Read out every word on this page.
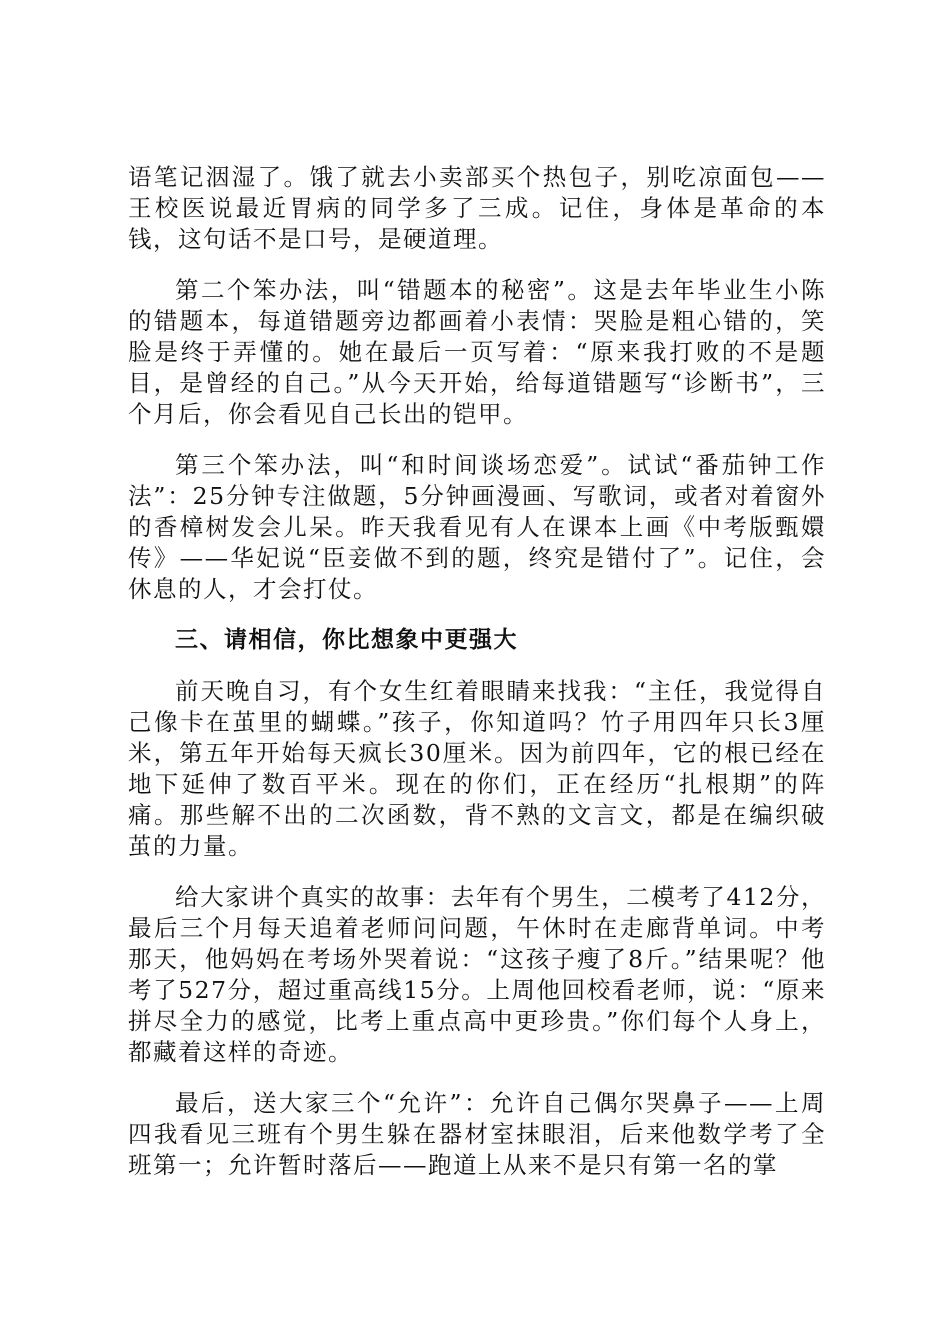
语笔记洇湿了。饿了就去小卖部买个热包子，别吃凉面包——王校医说最近胃病的同学多了三成。记住，身体是革命的本钱，这句话不是口号，是硬道理。

第二个笨办法，叫“错题本的秘密”。这是去年毕业生小陈的错题本，每道错题旁边都画着小表情：哭脸是粗心错的，笑脸是终于弄懂的。她在最后一页写着：“原来我打败的不是题目，是曾经的自己。”从今天开始，给每道错题写“诊断书”，三个月后，你会看见自己长出的铠甲。

第三个笨办法，叫“和时间谈场恋爱”。试试“番茄钟工作法”：25分钟专注做题，5分钟画漫画、写歌词，或者对着窗外的香樟树发会儿呆。昨天我看见有人在课本上画《中考版甄嬛传》——华妃说“臣妾做不到的题，终究是错付了”。记住，会休息的人，才会打仗。

三、请相信，你比想象中更强大

前天晚自习，有个女生红着眼睛来找我：“主任，我觉得自己像卡在茧里的蝴蝶。”孩子，你知道吗？竹子用四年只长3厘米，第五年开始每天疯长30厘米。因为前四年，它的根已经在地下延伸了数百平米。现在的你们，正在经历“扎根期”的阵痛。那些解不出的二次函数，背不熟的文言文，都是在编织破茧的力量。

给大家讲个真实的故事：去年有个男生，二模考了412分，最后三个月每天追着老师问问题，午休时在走廊背单词。中考那天，他妈妈在考场外哭着说：“这孩子瘦了8斤。”结果呢？他考了527分，超过重高线15分。上周他回校看老师，说：“原来拼尽全力的感觉，比考上重点高中更珍贵。”你们每个人身上，都藏着这样的奇迹。

最后，送大家三个“允许”：允许自己偶尔哭鼻子——上周四我看见三班有个男生躲在器材室抹眼泪，后来他数学考了全班第一；允许暂时落后——跑道上从来不是只有第一名的掌
